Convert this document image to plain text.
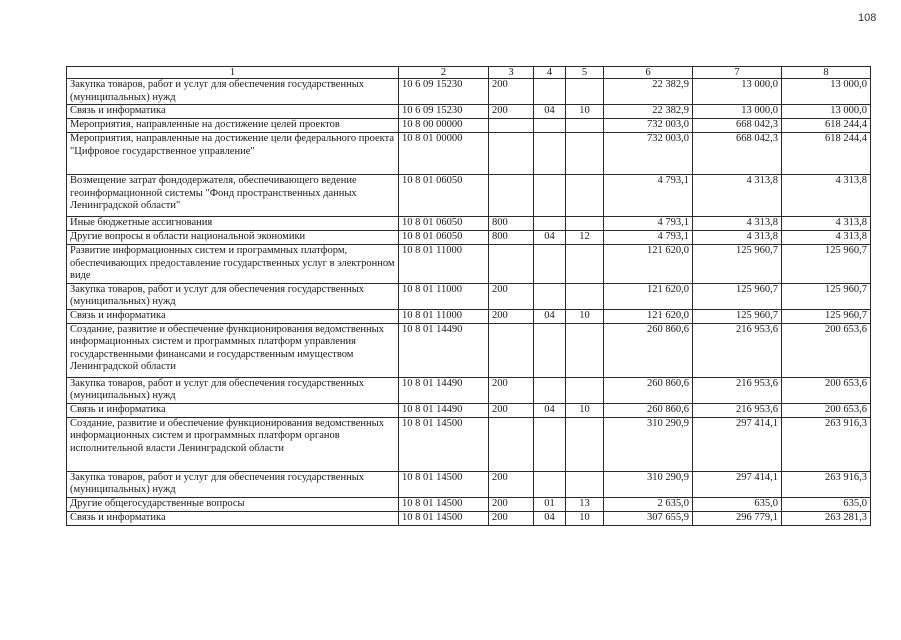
108
1	2	3	4	5	6	7	8
Закупка товаров, работ и услуг для обеспечения государственных (муниципальных) нужд	10 6 09 15230	200			22 382,9	13 000,0	13 000,0
Связь и информатика	10 6 09 15230	200	04	10	22 382,9	13 000,0	13 000,0
Мероприятия, направленные на достижение целей проектов	10 8 00 00000				732 003,0	668 042,3	618 244,4
Мероприятия, направленные на достижение цели федерального проекта "Цифровое государственное управление"	10 8 01 00000				732 003,0	668 042,3	618 244,4
Возмещение затрат фондодержателя, обеспечивающего ведение геоинформационной системы "Фонд пространственных данных Ленинградской области"	10 8 01 06050				4 793,1	4 313,8	4 313,8
Иные бюджетные ассигнования	10 8 01 06050	800			4 793,1	4 313,8	4 313,8
Другие вопросы в области национальной экономики	10 8 01 06050	800	04	12	4 793,1	4 313,8	4 313,8
Развитие информационных систем и программных платформ, обеспечивающих предоставление государственных услуг в электронном виде	10 8 01 11000				121 620,0	125 960,7	125 960,7
Закупка товаров, работ и услуг для обеспечения государственных (муниципальных) нужд	10 8 01 11000	200			121 620,0	125 960,7	125 960,7
Связь и информатика	10 8 01 11000	200	04	10	121 620,0	125 960,7	125 960,7
Создание, развитие и обеспечение функционирования ведомственных информационных систем и программных платформ управления государственными финансами и государственным имуществом Ленинградской области	10 8 01 14490				260 860,6	216 953,6	200 653,6
Закупка товаров, работ и услуг для обеспечения государственных (муниципальных) нужд	10 8 01 14490	200			260 860,6	216 953,6	200 653,6
Связь и информатика	10 8 01 14490	200	04	10	260 860,6	216 953,6	200 653,6
Создание, развитие и обеспечение функционирования ведомственных информационных систем и программных платформ органов исполнительной власти Ленинградской области	10 8 01 14500				310 290,9	297 414,1	263 916,3
Закупка товаров, работ и услуг для обеспечения государственных (муниципальных) нужд	10 8 01 14500	200			310 290,9	297 414,1	263 916,3
Другие общегосударственные вопросы	10 8 01 14500	200	01	13	2 635,0	635,0	635,0
Связь и информатика	10 8 01 14500	200	04	10	307 655,9	296 779,1	263 281,3
